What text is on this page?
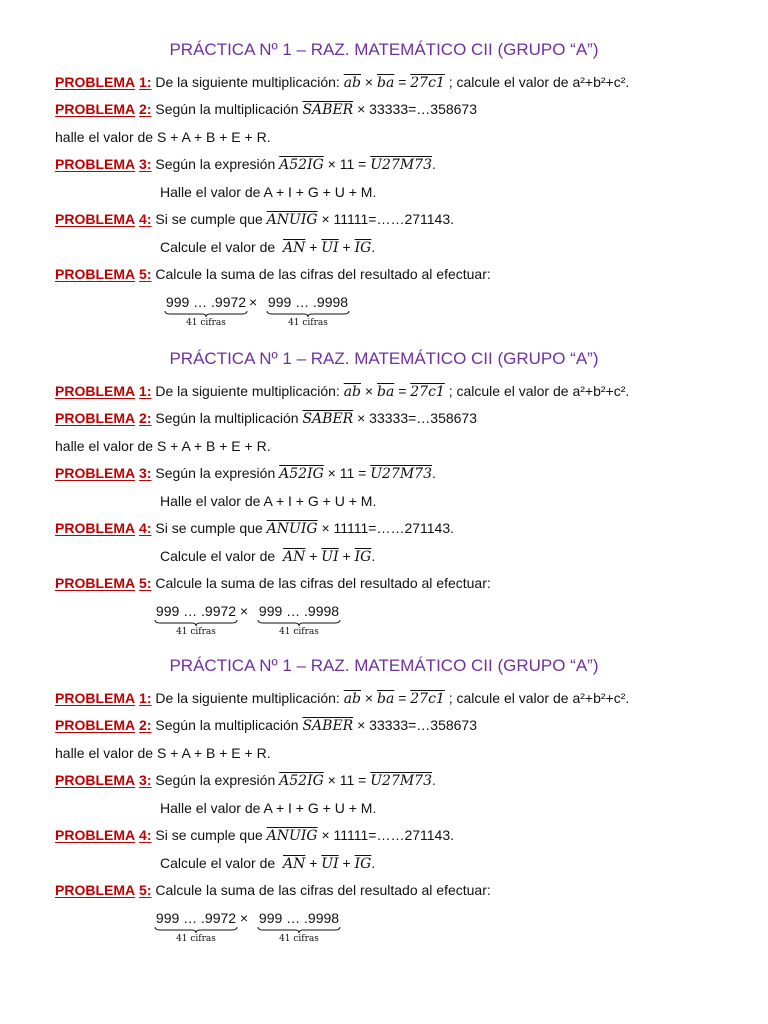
PRÁCTICA Nº 1 – RAZ. MATEMÁTICO CII (GRUPO “A”)
PROBLEMA 1: De la siguiente multiplicación: $\overline{ab} \times \overline{ba} = 27c1$ ; calcule el valor de a²+b²+c².
PROBLEMA 2: Según la multiplicación SABER × 33333=…358673
halle el valor de S + A + B + E + R.
PROBLEMA 3: Según la expresión A52IG × 11 = U27M73.
Halle el valor de A + I + G + U + M.
PROBLEMA 4: Si se cumple que ANUIG × 11111=……271143.
Calcule el valor de $\overline{AN} + \overline{UI} + \overline{IG}$.
PROBLEMA 5: Calcule la suma de las cifras del resultado al efectuar:
999 … .9972
41 cifras
× 999 … .9998
41 cifras
PRÁCTICA Nº 1 – RAZ. MATEMÁTICO CII (GRUPO “A”)
PROBLEMA 1: De la siguiente multiplicación: $\overline{ab} \times \overline{ba} = 27c1$ ; calcule el valor de a²+b²+c².
PROBLEMA 2: Según la multiplicación SABER × 33333=…358673
halle el valor de S + A + B + E + R.
PROBLEMA 3: Según la expresión A52IG × 11 = U27M73.
Halle el valor de A + I + G + U + M.
PROBLEMA 4: Si se cumple que ANUIG × 11111=……271143.
Calcule el valor de $\overline{AN} + \overline{UI} + \overline{IG}$.
PROBLEMA 5: Calcule la suma de las cifras del resultado al efectuar:
999 … .9972
41 cifras
× 999 … .9998
41 cifras
PRÁCTICA Nº 1 – RAZ. MATEMÁTICO CII (GRUPO “A”)
PROBLEMA 1: De la siguiente multiplicación: $\overline{ab} \times \overline{ba} = 27c1$ ; calcule el valor de a²+b²+c².
PROBLEMA 2: Según la multiplicación SABER × 33333=…358673
halle el valor de S + A + B + E + R.
PROBLEMA 3: Según la expresión A52IG × 11 = U27M73.
Halle el valor de A + I + G + U + M.
PROBLEMA 4: Si se cumple que ANUIG × 11111=……271143.
Calcule el valor de $\overline{AN} + \overline{UI} + \overline{IG}$.
PROBLEMA 5: Calcule la suma de las cifras del resultado al efectuar:
999 … .9972
41 cifras
× 999 … .9998
41 cifras
